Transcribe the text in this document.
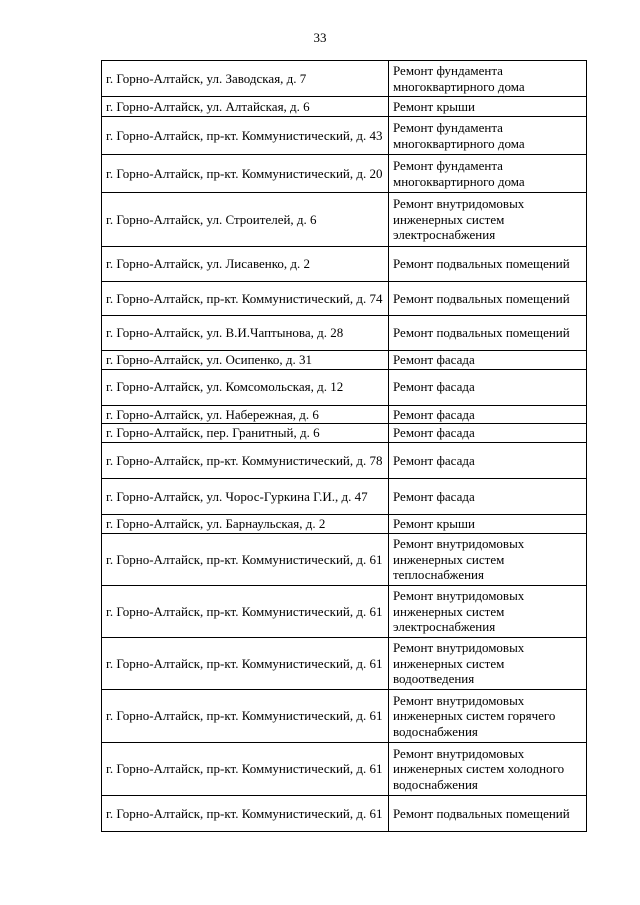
33
г. Горно-Алтайск, ул. Заводская, д. 7	Ремонт фундамента многоквартирного дома
г. Горно-Алтайск, ул. Алтайская, д. 6	Ремонт крыши
г. Горно-Алтайск, пр-кт. Коммунистический, д. 43	Ремонт фундамента многоквартирного дома
г. Горно-Алтайск, пр-кт. Коммунистический, д. 20	Ремонт фундамента многоквартирного дома
г. Горно-Алтайск, ул. Строителей, д. 6	Ремонт внутридомовых инженерных систем электроснабжения
г. Горно-Алтайск, ул. Лисавенко, д. 2	Ремонт подвальных помещений
г. Горно-Алтайск, пр-кт. Коммунистический, д. 74	Ремонт подвальных помещений
г. Горно-Алтайск, ул. В.И.Чаптынова, д. 28	Ремонт подвальных помещений
г. Горно-Алтайск, ул. Осипенко, д. 31	Ремонт фасада
г. Горно-Алтайск, ул. Комсомольская, д. 12	Ремонт фасада
г. Горно-Алтайск, ул. Набережная, д. 6	Ремонт фасада
г. Горно-Алтайск, пер. Гранитный, д. 6	Ремонт фасада
г. Горно-Алтайск, пр-кт. Коммунистический, д. 78	Ремонт фасада
г. Горно-Алтайск, ул. Чорос-Гуркина Г.И., д. 47	Ремонт фасада
г. Горно-Алтайск, ул. Барнаульская, д. 2	Ремонт крыши
г. Горно-Алтайск, пр-кт. Коммунистический, д. 61	Ремонт внутридомовых инженерных систем теплоснабжения
г. Горно-Алтайск, пр-кт. Коммунистический, д. 61	Ремонт внутридомовых инженерных систем электроснабжения
г. Горно-Алтайск, пр-кт. Коммунистический, д. 61	Ремонт внутридомовых инженерных систем водоотведения
г. Горно-Алтайск, пр-кт. Коммунистический, д. 61	Ремонт внутридомовых инженерных систем горячего водоснабжения
г. Горно-Алтайск, пр-кт. Коммунистический, д. 61	Ремонт внутридомовых инженерных систем холодного водоснабжения
г. Горно-Алтайск, пр-кт. Коммунистический, д. 61	Ремонт подвальных помещений
